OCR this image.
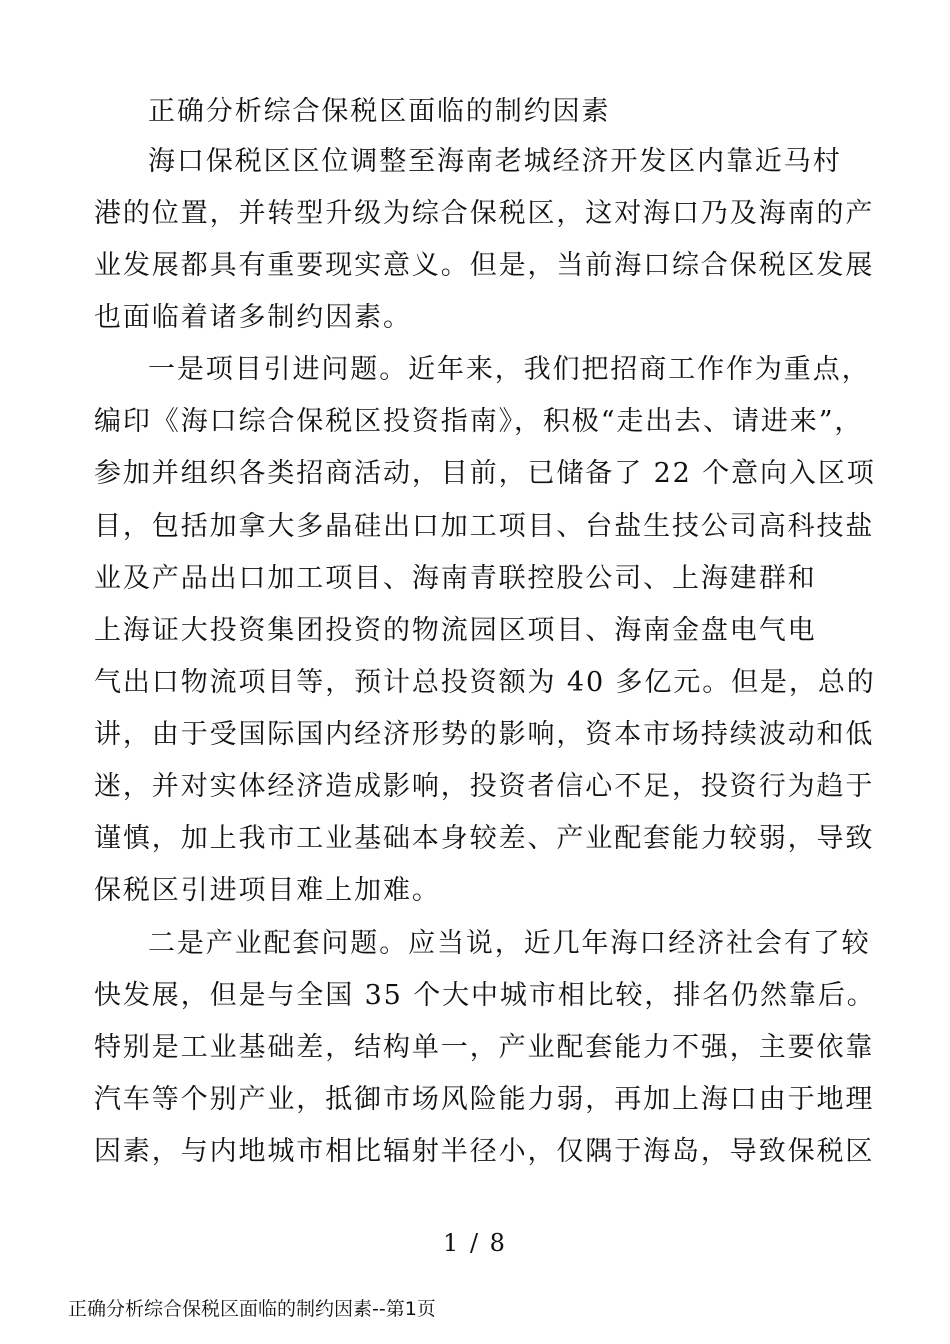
正确分析综合保税区面临的制约因素
海口保税区区位调整至海南老城经济开发区内靠近马村
港的位置，并转型升级为综合保税区，这对海口乃及海南的产
业发展都具有重要现实意义。但是，当前海口综合保税区发展
也面临着诸多制约因素。
一是项目引进问题。近年来，我们把招商工作作为重点，
编印《海口综合保税区投资指南》，积极“走出去、请进来”，
参加并组织各类招商活动，目前，已储备了 22 个意向入区项
目，包括加拿大多晶硅出口加工项目、台盐生技公司高科技盐
业及产品出口加工项目、海南青联控股公司、上海建群和
上海证大投资集团投资的物流园区项目、海南金盘电气电
气出口物流项目等，预计总投资额为 40 多亿元。但是，总的
讲，由于受国际国内经济形势的影响，资本市场持续波动和低
迷，并对实体经济造成影响，投资者信心不足，投资行为趋于
谨慎，加上我市工业基础本身较差、产业配套能力较弱，导致
保税区引进项目难上加难。
二是产业配套问题。应当说，近几年海口经济社会有了较
快发展，但是与全国 35 个大中城市相比较，排名仍然靠后。
特别是工业基础差，结构单一，产业配套能力不强，主要依靠
汽车等个别产业，抵御市场风险能力弱，再加上海口由于地理
因素，与内地城市相比辐射半径小，仅隅于海岛，导致保税区
1 / 8
正确分析综合保税区面临的制约因素--第1页
